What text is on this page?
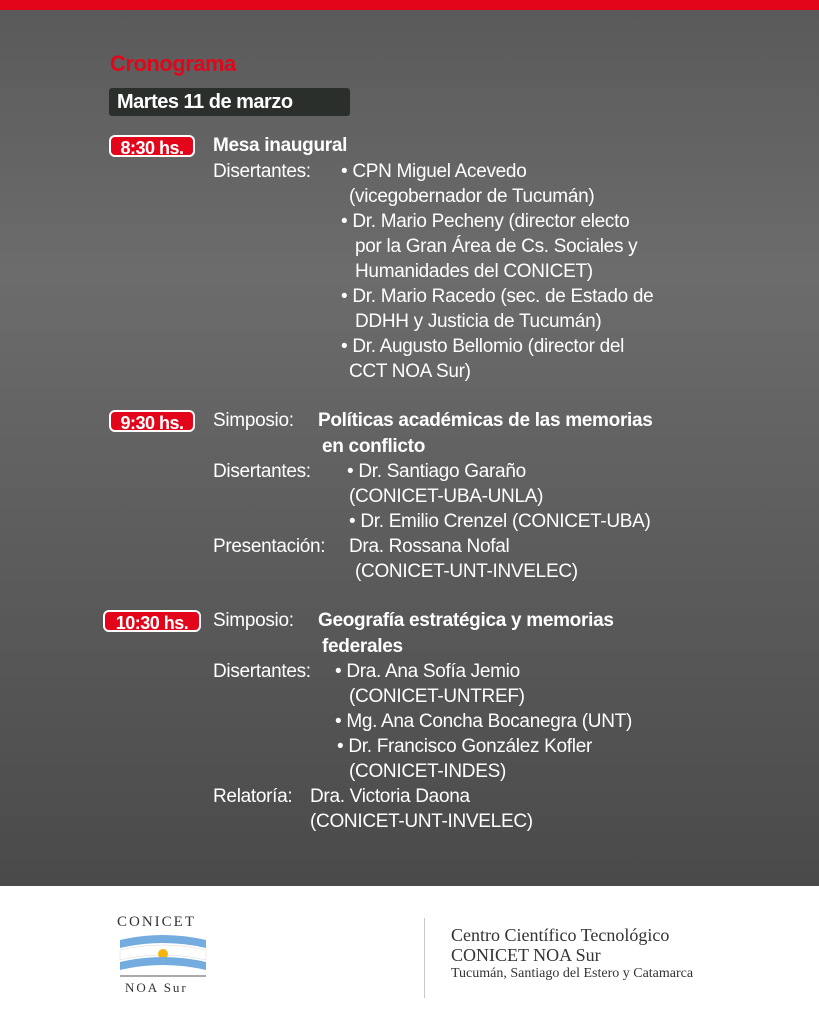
Cronograma
Martes 11 de marzo
8:30 hs.	Mesa inaugural
Disertantes: • CPN Miguel Acevedo
(vicegobernador de Tucumán)
• Dr. Mario Pecheny (director electo
por la Gran Área de Cs. Sociales y
Humanidades del CONICET)
• Dr. Mario Racedo (sec. de Estado de
DDHH y Justicia de Tucumán)
• Dr. Augusto Bellomio (director del
CCT NOA Sur)
9:30 hs.	Simposio: Políticas académicas de las memorias
en conflicto
Disertantes: • Dr. Santiago Garaño
(CONICET-UBA-UNLA)
• Dr. Emilio Crenzel (CONICET-UBA)
Presentación: Dra. Rossana Nofal
(CONICET-UNT-INVELEC)
10:30 hs.	Simposio: Geografía estratégica y memorias
federales
Disertantes: • Dra. Ana Sofía Jemio
(CONICET-UNTREF)
• Mg. Ana Concha Bocanegra (UNT)
• Dr. Francisco González Kofler
(CONICET-INDES)
Relatoría: Dra. Victoria Daona
(CONICET-UNT-INVELEC)
CONICET
NOA Sur
Centro Científico Tecnológico
CONICET NOA Sur
Tucumán, Santiago del Estero y Catamarca
